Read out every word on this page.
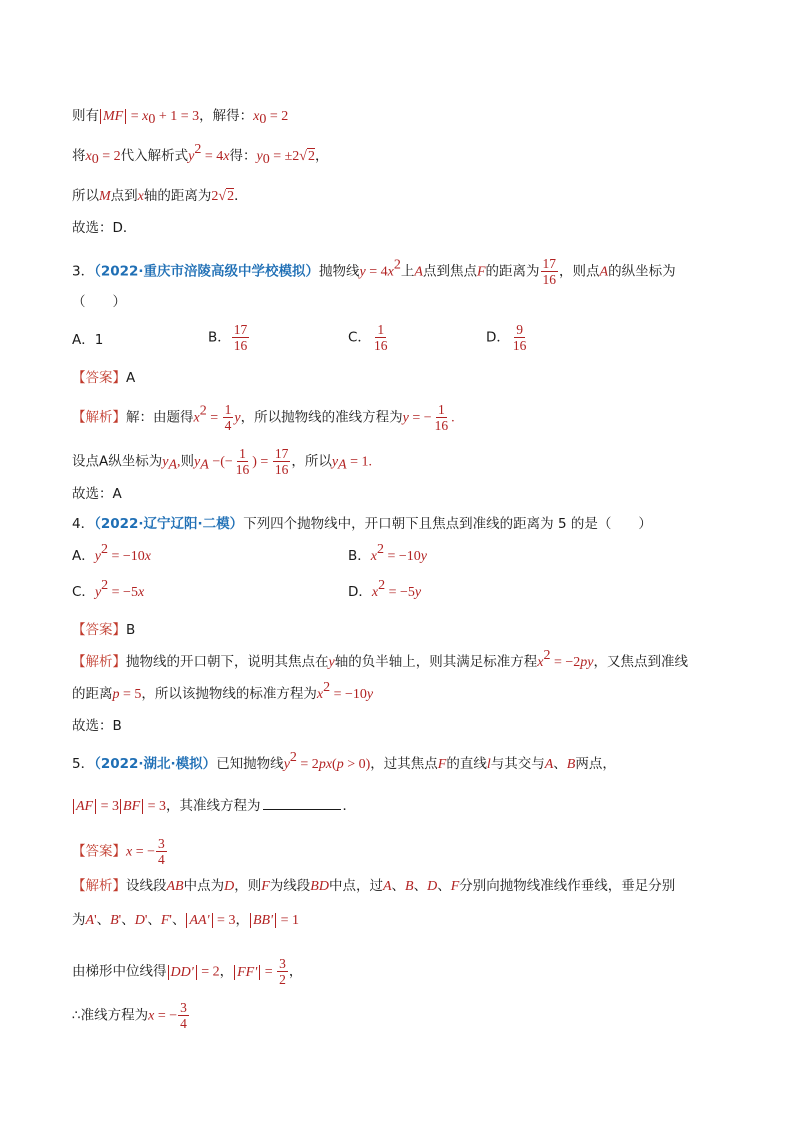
则有 MF = $x_0 + 1 = 3$，解得：$x_0 = 2$
将$x_0 = 2$代入解析式$y^2 = 4x$得：$y_0 = \pm 2√2$，
所以M点到x轴的距离为2√2．
故选：D．
3．（2022·重庆市涪陵高级中学校模拟）抛物线$y = 4x^2$上A点到焦点F的距离为 $\frac{17}{16}$ ，则点A的纵坐标为
（　　）
A．1	B． $\frac{17}{16}$	C． $\frac{1}{16}$	D． $\frac{9}{16}$
【答案】A
【解析】解：由题得$x^2 = \frac{1}{4}$ y，所以抛物线的准线方程为y = − $\frac{1}{16}$ .
设点A纵坐标为$y_A$,则$y_A$ −(− $\frac{1}{16}$ ) = $\frac{17}{16}$ ，所以$y_A = 1$.
故选：A
4．（2022·辽宁辽阳·二模）下列四个抛物线中，开口朝下且焦点到准线的距离为 5 的是（　　）
A．$y^2 = -10x$	B．$x^2 = -10y$
C．$y^2 = -5x$	D．$x^2 = -5y$
【答案】B
【解析】抛物线的开口朝下，说明其焦点在y轴的负半轴上，则其满足标准方程$x^2 = -2py$，又焦点到准线
的距离p = 5，所以该抛物线的标准方程为$x^2 = -10y$
故选：B
5．（2022·湖北·模拟）已知抛物线$y^2 = 2px(p > 0)$，过其焦点F的直线l与其交与A、B两点，
AF = 3 BF = 3，其准线方程为	．
【答案】x = − $\frac{3}{4}$
【解析】设线段AB中点为D，则F为线段BD中点，过A、B、D、F分别向抛物线准线作垂线，垂足分别
为A'、B'、D'、F'、 AA' = 3， BB' = 1
由梯形中位线得 DD' = 2， $FF' = \frac{3}{2}$ ，
∴准线方程为x = − $\frac{3}{4}$
